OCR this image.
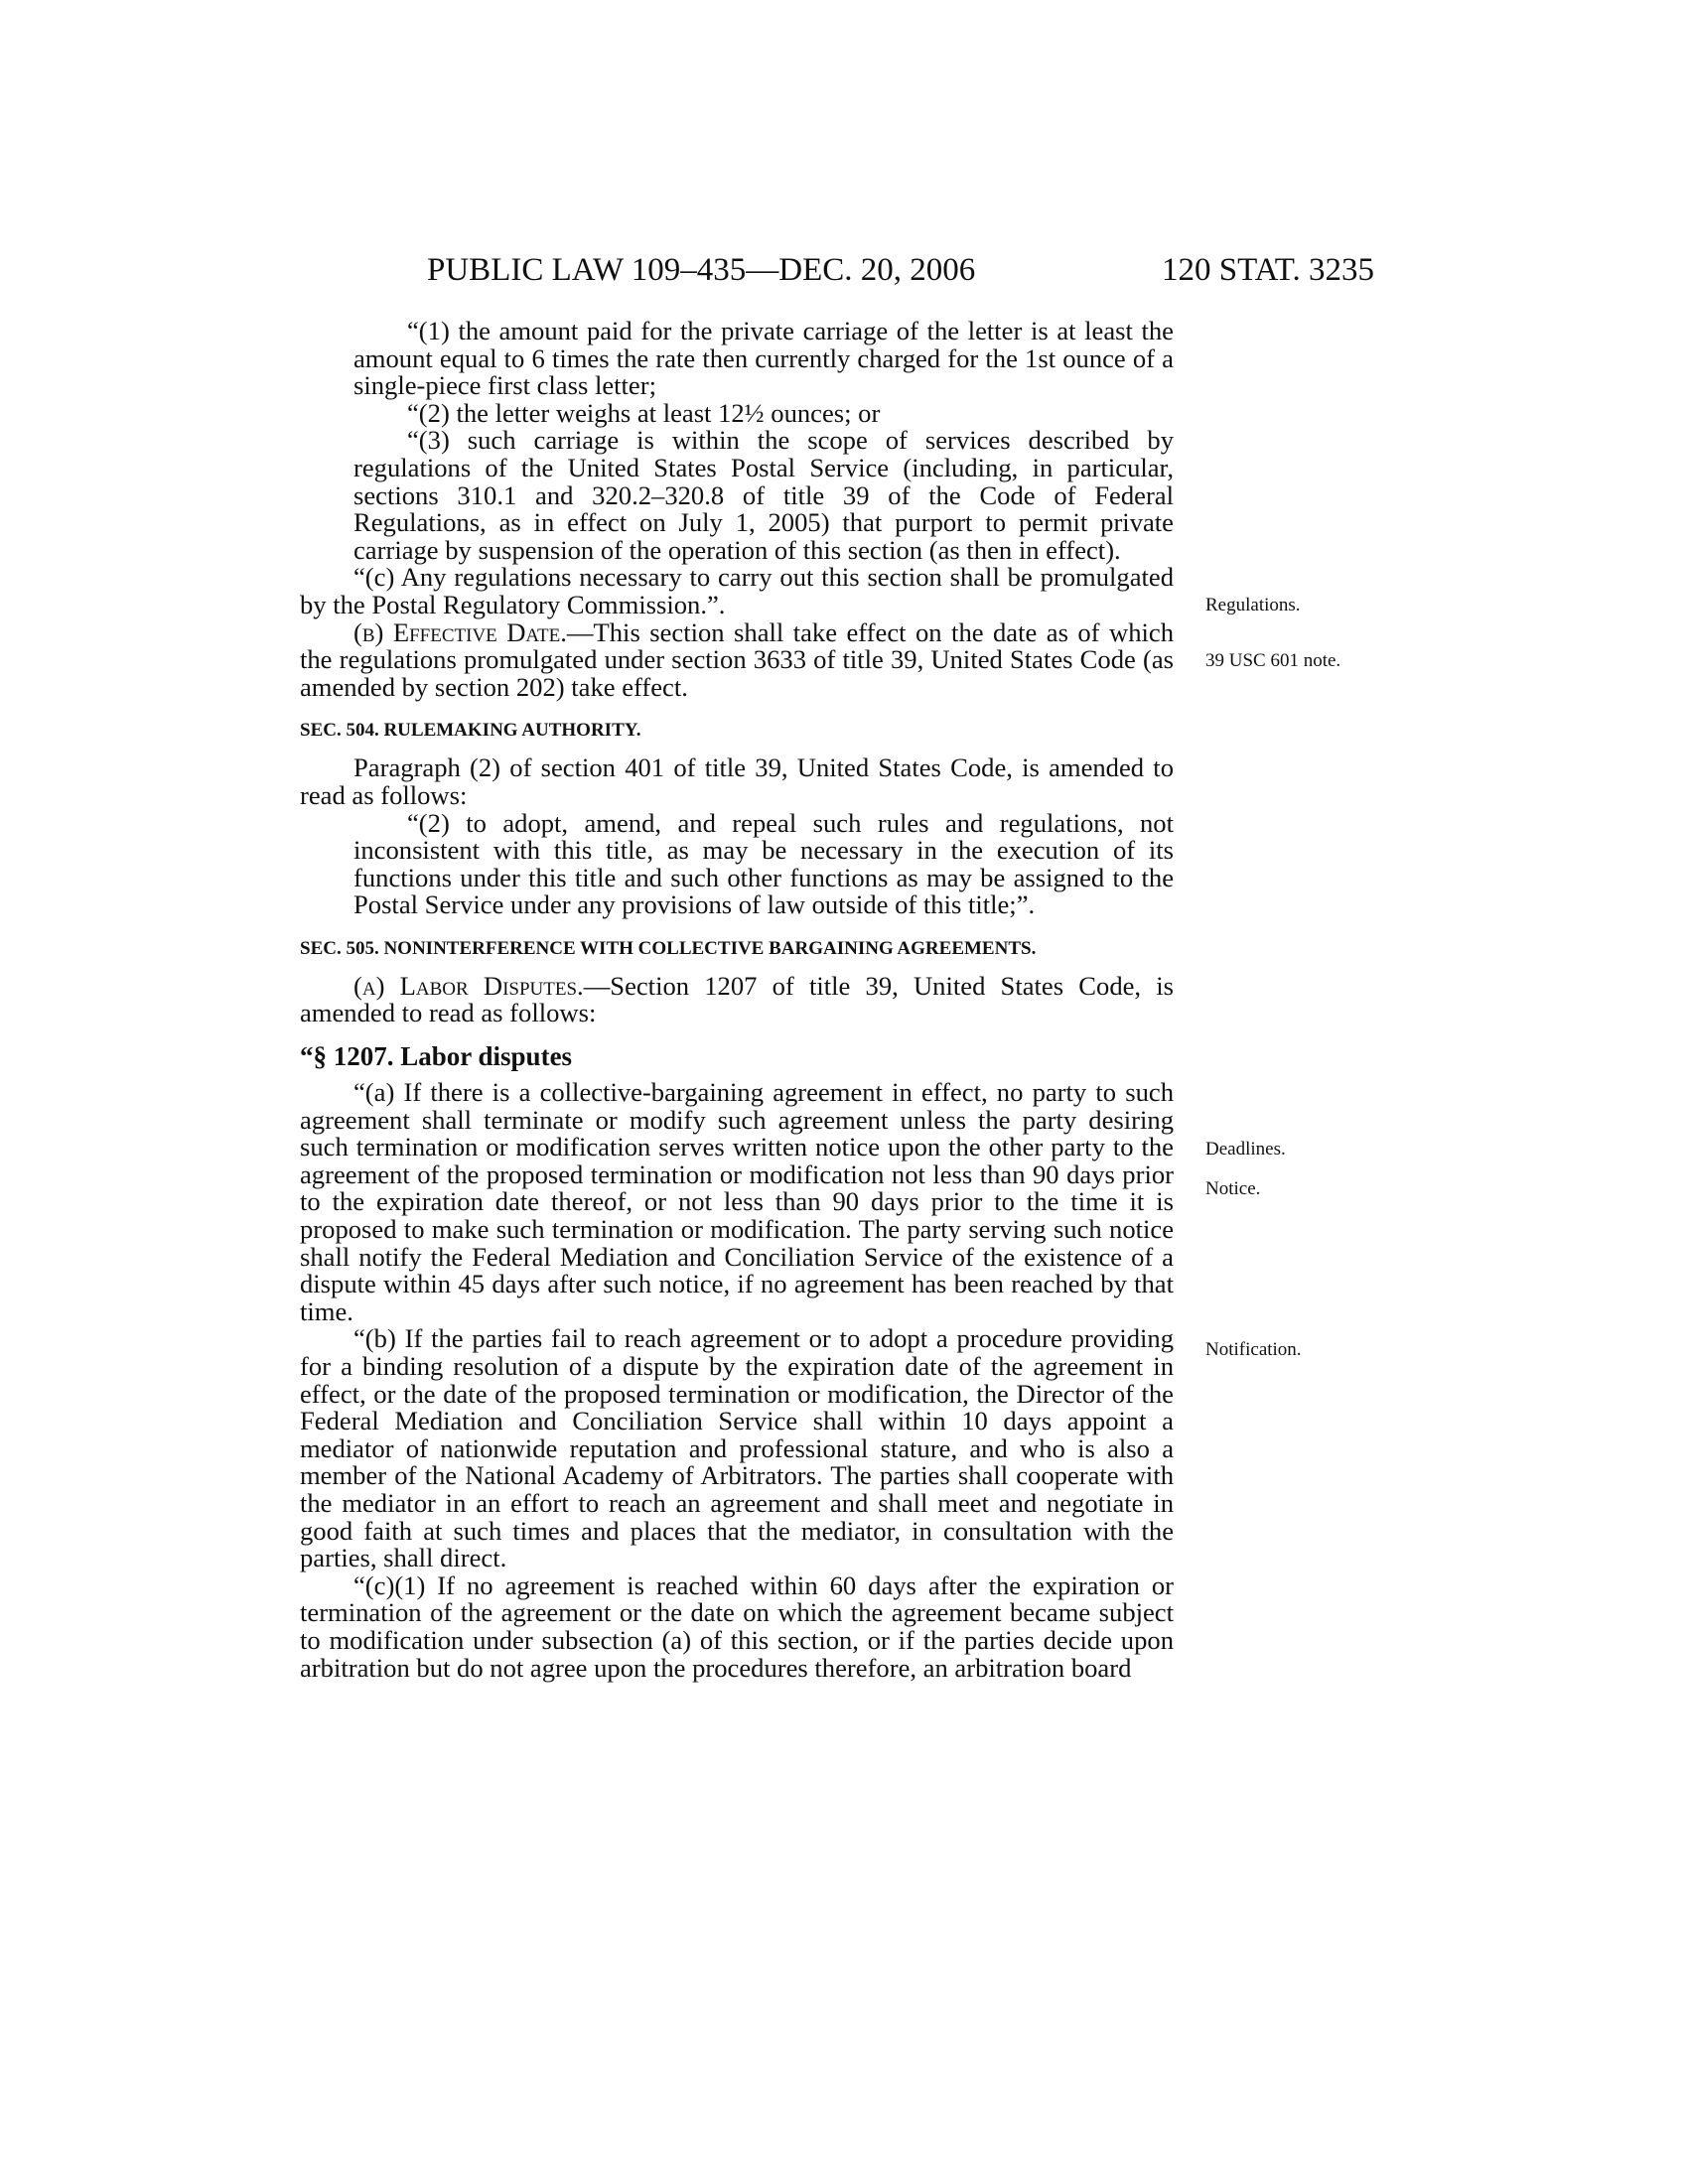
PUBLIC LAW 109–435—DEC. 20, 2006	120 STAT. 3235

“(1) the amount paid for the private carriage of the letter is at least the amount equal to 6 times the rate then currently charged for the 1st ounce of a single-piece first class letter;

“(2) the letter weighs at least 12½ ounces; or

“(3) such carriage is within the scope of services described by regulations of the United States Postal Service (including, in particular, sections 310.1 and 320.2–320.8 of title 39 of the Code of Federal Regulations, as in effect on July 1, 2005) that purport to permit private carriage by suspension of the operation of this section (as then in effect).

“(c) Any regulations necessary to carry out this section shall be promulgated by the Postal Regulatory Commission.”.

(b) Effective Date.—This section shall take effect on the date as of which the regulations promulgated under section 3633 of title 39, United States Code (as amended by section 202) take effect.

SEC. 504. RULEMAKING AUTHORITY.

Paragraph (2) of section 401 of title 39, United States Code, is amended to read as follows:

“(2) to adopt, amend, and repeal such rules and regulations, not inconsistent with this title, as may be necessary in the execution of its functions under this title and such other functions as may be assigned to the Postal Service under any provisions of law outside of this title;”.

SEC. 505. NONINTERFERENCE WITH COLLECTIVE BARGAINING AGREEMENTS.

(a) Labor Disputes.—Section 1207 of title 39, United States Code, is amended to read as follows:

“§ 1207. Labor disputes

“(a) If there is a collective-bargaining agreement in effect, no party to such agreement shall terminate or modify such agreement unless the party desiring such termination or modification serves written notice upon the other party to the agreement of the proposed termination or modification not less than 90 days prior to the expiration date thereof, or not less than 90 days prior to the time it is proposed to make such termination or modification. The party serving such notice shall notify the Federal Mediation and Conciliation Service of the existence of a dispute within 45 days after such notice, if no agreement has been reached by that time.

“(b) If the parties fail to reach agreement or to adopt a procedure providing for a binding resolution of a dispute by the expiration date of the agreement in effect, or the date of the proposed termination or modification, the Director of the Federal Mediation and Conciliation Service shall within 10 days appoint a mediator of nationwide reputation and professional stature, and who is also a member of the National Academy of Arbitrators. The parties shall cooperate with the mediator in an effort to reach an agreement and shall meet and negotiate in good faith at such times and places that the mediator, in consultation with the parties, shall direct.

“(c)(1) If no agreement is reached within 60 days after the expiration or termination of the agreement or the date on which the agreement became subject to modification under subsection (a) of this section, or if the parties decide upon arbitration but do not agree upon the procedures therefore, an arbitration board

Regulations.
39 USC 601 note.
Deadlines.
Notice.
Notification.
